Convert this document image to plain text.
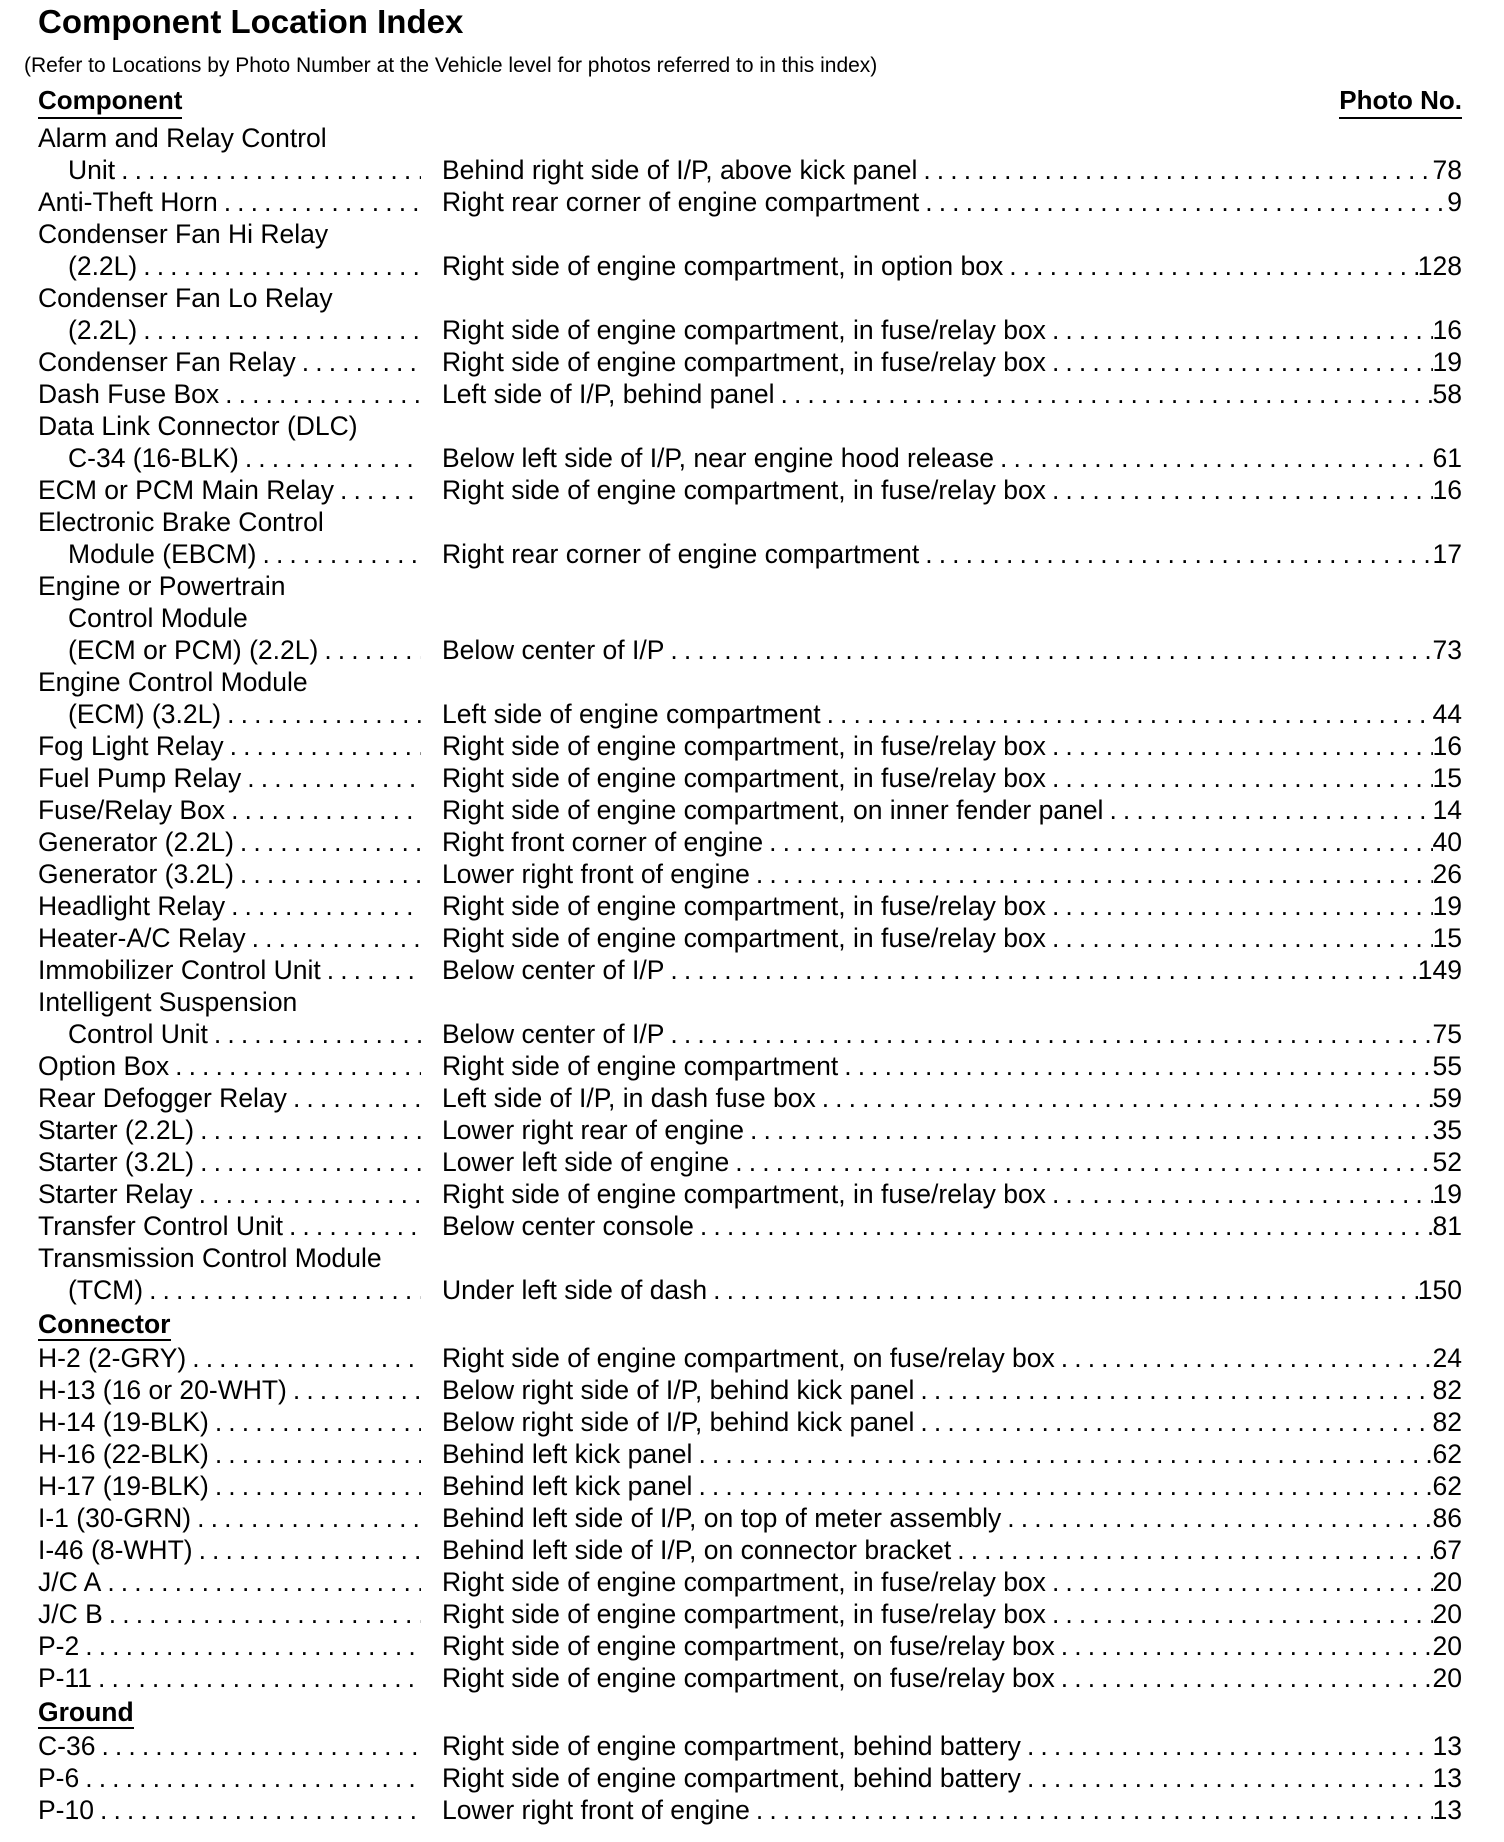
Component Location Index
(Refer to Locations by Photo Number at the Vehicle level for photos referred to in this index)
Component	Photo No.
Alarm and Relay Control
Unit .....	Behind right side of I/P, above kick panel .....	78
Anti-Theft Horn .....	Right rear corner of engine compartment .....	9
Condenser Fan Hi Relay
(2.2L) .....	Right side of engine compartment, in option box .....	128
Condenser Fan Lo Relay
(2.2L) .....	Right side of engine compartment, in fuse/relay box .....	16
Condenser Fan Relay .....	Right side of engine compartment, in fuse/relay box .....	19
Dash Fuse Box .....	Left side of I/P, behind panel .....	58
Data Link Connector (DLC)
C-34 (16-BLK) .....	Below left side of I/P, near engine hood release .....	61
ECM or PCM Main Relay .....	Right side of engine compartment, in fuse/relay box .....	16
Electronic Brake Control
Module (EBCM) .....	Right rear corner of engine compartment .....	17
Engine or Powertrain
Control Module
(ECM or PCM) (2.2L) .....	Below center of I/P .....	73
Engine Control Module
(ECM) (3.2L) .....	Left side of engine compartment .....	44
Fog Light Relay .....	Right side of engine compartment, in fuse/relay box .....	16
Fuel Pump Relay .....	Right side of engine compartment, in fuse/relay box .....	15
Fuse/Relay Box .....	Right side of engine compartment, on inner fender panel .....	14
Generator (2.2L) .....	Right front corner of engine .....	40
Generator (3.2L) .....	Lower right front of engine .....	26
Headlight Relay .....	Right side of engine compartment, in fuse/relay box .....	19
Heater-A/C Relay .....	Right side of engine compartment, in fuse/relay box .....	15
Immobilizer Control Unit .....	Below center of I/P .....	149
Intelligent Suspension
Control Unit .....	Below center of I/P .....	75
Option Box .....	Right side of engine compartment .....	55
Rear Defogger Relay .....	Left side of I/P, in dash fuse box .....	59
Starter (2.2L) .....	Lower right rear of engine .....	35
Starter (3.2L) .....	Lower left side of engine .....	52
Starter Relay .....	Right side of engine compartment, in fuse/relay box .....	19
Transfer Control Unit .....	Below center console .....	81
Transmission Control Module
(TCM) .....	Under left side of dash .....	150
Connector
H-2 (2-GRY) .....	Right side of engine compartment, on fuse/relay box .....	24
H-13 (16 or 20-WHT) .....	Below right side of I/P, behind kick panel .....	82
H-14 (19-BLK) .....	Below right side of I/P, behind kick panel .....	82
H-16 (22-BLK) .....	Behind left kick panel .....	62
H-17 (19-BLK) .....	Behind left kick panel .....	62
I-1 (30-GRN) .....	Behind left side of I/P, on top of meter assembly .....	86
I-46 (8-WHT) .....	Behind left side of I/P, on connector bracket .....	67
J/C A .....	Right side of engine compartment, in fuse/relay box .....	20
J/C B .....	Right side of engine compartment, in fuse/relay box .....	20
P-2 .....	Right side of engine compartment, on fuse/relay box .....	20
P-11 .....	Right side of engine compartment, on fuse/relay box .....	20
Ground
C-36 .....	Right side of engine compartment, behind battery .....	13
P-6 .....	Right side of engine compartment, behind battery .....	13
P-10 .....	Lower right front of engine .....	13
